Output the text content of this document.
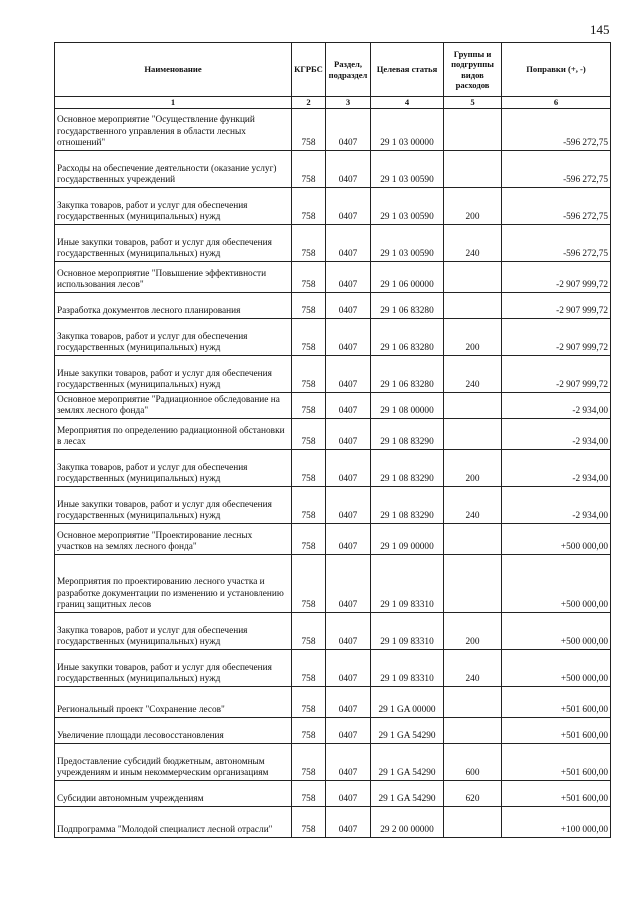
145
Наименование	КГРБС	Раздел, подраздел	Целевая статья	Группы и подгруппы видов расходов	Поправки (+, -)
1	2	3	4	5	6
Основное мероприятие "Осуществление функций государственного управления в области лесных отношений"	758	0407	29 1 03 00000		-596 272,75
Расходы на обеспечение деятельности (оказание услуг) государственных учреждений	758	0407	29 1 03 00590		-596 272,75
Закупка товаров, работ и услуг для обеспечения государственных (муниципальных) нужд	758	0407	29 1 03 00590	200	-596 272,75
Иные закупки товаров, работ и услуг для обеспечения государственных (муниципальных) нужд	758	0407	29 1 03 00590	240	-596 272,75
Основное мероприятие "Повышение эффективности использования лесов"	758	0407	29 1 06 00000		-2 907 999,72
Разработка документов лесного планирования	758	0407	29 1 06 83280		-2 907 999,72
Закупка товаров, работ и услуг для обеспечения государственных (муниципальных) нужд	758	0407	29 1 06 83280	200	-2 907 999,72
Иные закупки товаров, работ и услуг для обеспечения государственных (муниципальных) нужд	758	0407	29 1 06 83280	240	-2 907 999,72
Основное мероприятие "Радиационное обследование на землях лесного фонда"	758	0407	29 1 08 00000		-2 934,00
Мероприятия по определению радиационной обстановки в лесах	758	0407	29 1 08 83290		-2 934,00
Закупка товаров, работ и услуг для обеспечения государственных (муниципальных) нужд	758	0407	29 1 08 83290	200	-2 934,00
Иные закупки товаров, работ и услуг для обеспечения государственных (муниципальных) нужд	758	0407	29 1 08 83290	240	-2 934,00
Основное мероприятие "Проектирование лесных участков на землях лесного фонда"	758	0407	29 1 09 00000		+500 000,00
Мероприятия по проектированию лесного участка и разработке документации по изменению и установлению границ защитных лесов	758	0407	29 1 09 83310		+500 000,00
Закупка товаров, работ и услуг для обеспечения государственных (муниципальных) нужд	758	0407	29 1 09 83310	200	+500 000,00
Иные закупки товаров, работ и услуг для обеспечения государственных (муниципальных) нужд	758	0407	29 1 09 83310	240	+500 000,00
Региональный проект "Сохранение лесов"	758	0407	29 1 GA 00000		+501 600,00
Увеличение площади лесовосстановления	758	0407	29 1 GA 54290		+501 600,00
Предоставление субсидий бюджетным, автономным учреждениям и иным некоммерческим организациям	758	0407	29 1 GA 54290	600	+501 600,00
Субсидии автономным учреждениям	758	0407	29 1 GA 54290	620	+501 600,00
Подпрограмма "Молодой специалист лесной отрасли"	758	0407	29 2 00 00000		+100 000,00
